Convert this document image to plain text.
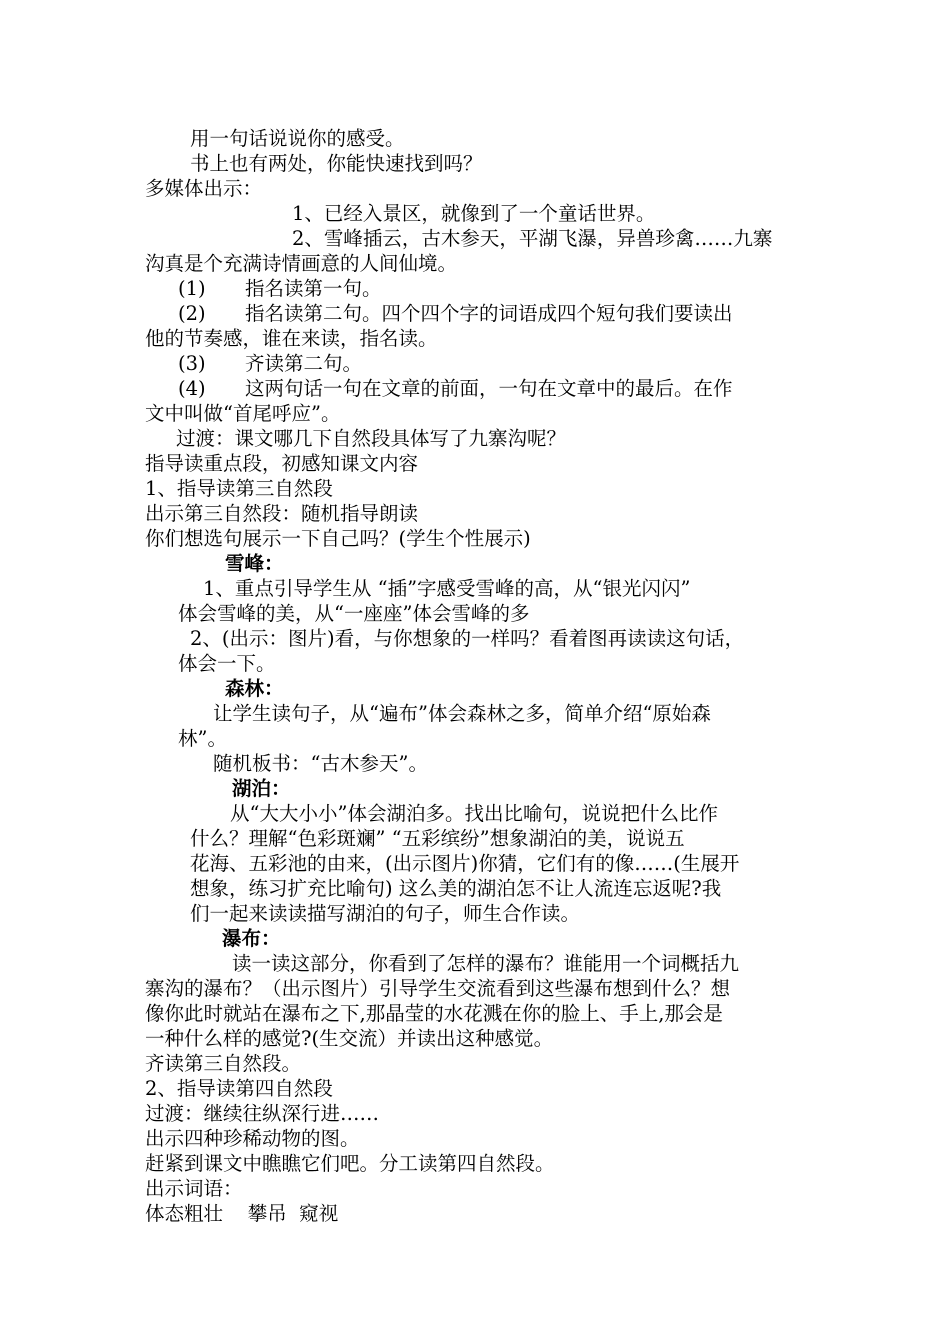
用一句话说说你的感受。
书上也有两处，你能快速找到吗？
多媒体出示：
1、已经入景区，就像到了一个童话世界。
2、雪峰插云，古木参天，平湖飞瀑，异兽珍禽……九寨
沟真是个充满诗情画意的人间仙境。
(1) 指名读第一句。
(2) 指名读第二句。四个四个字的词语成四个短句我们要读出
他的节奏感，谁在来读，指名读。
(3) 齐读第二句。
(4) 这两句话一句在文章的前面，一句在文章中的最后。在作
文中叫做“首尾呼应”。
过渡：课文哪几下自然段具体写了九寨沟呢？
指导读重点段，初感知课文内容
1、指导读第三自然段
出示第三自然段：随机指导朗读
你们想选句展示一下自己吗？(学生个性展示)
雪峰：
1、重点引导学生从 “插”字感受雪峰的高，从“银光闪闪”
体会雪峰的美，从“一座座”体会雪峰的多
2、(出示：图片)看，与你想象的一样吗？看着图再读读这句话，
体会一下。
森林：
让学生读句子，从“遍布”体会森林之多，简单介绍“原始森
林”。
随机板书：“古木参天”。
湖泊：
从“大大小小”体会湖泊多。找出比喻句，说说把什么比作
什么？理解“色彩斑斓” “五彩缤纷”想象湖泊的美，说说五
花海、五彩池的由来，(出示图片)你猜，它们有的像……(生展开
想象，练习扩充比喻句) 这么美的湖泊怎不让人流连忘返呢?我
们一起来读读描写湖泊的句子，师生合作读。
瀑布：
读一读这部分，你看到了怎样的瀑布？谁能用一个词概括九
寨沟的瀑布？（出示图片）引导学生交流看到这些瀑布想到什么？想
像你此时就站在瀑布之下,那晶莹的水花溅在你的脸上、手上,那会是
一种什么样的感觉?(生交流）并读出这种感觉。
齐读第三自然段。
2、指导读第四自然段
过渡：继续往纵深行进……
出示四种珍稀动物的图。
赶紧到课文中瞧瞧它们吧。分工读第四自然段。
出示词语：
体态粗壮    攀吊  窥视
